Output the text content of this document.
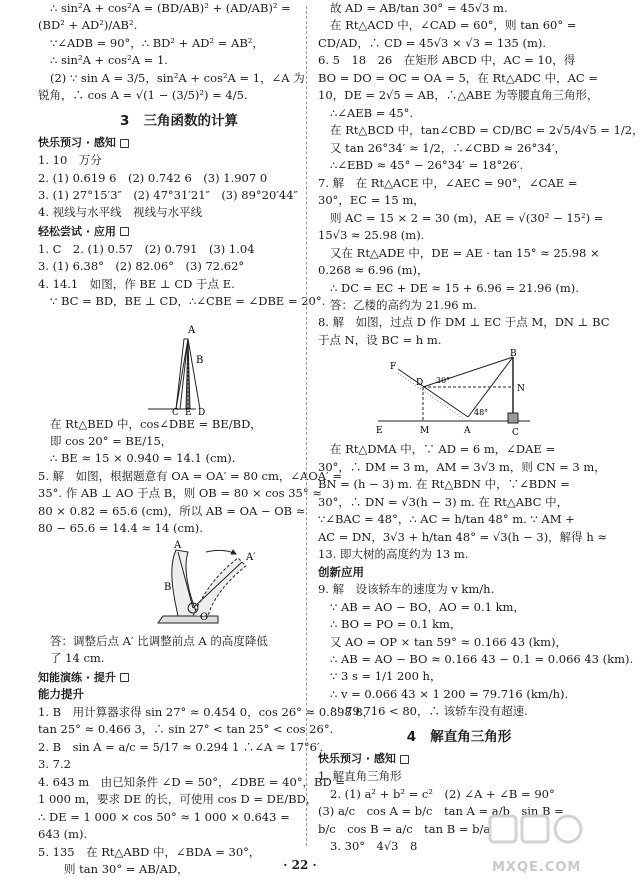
∴ sin²A + cos²A = (BD/AB)² + (AD/AB)² =
(BD² + AD²)/AB².
∵∠ADB = 90°，∴ BD² + AD² = AB²，
∴ sin²A + cos²A = 1.
(2) ∵ sin A = 3/5，sin²A + cos²A = 1，∠A 为
锐角，∴ cos A = √(1 − (3/5)²) = 4/5.
3 三角函数的计算
快乐预习 · 感知
1. 10　万分
2. (1) 0.619 6　(2) 0.742 6　(3) 1.907 0
3. (1) 27°15′3″　(2) 47°31′21″　(3) 89°20′44″
4. 视线与水平线　视线与水平线
轻松尝试 · 应用
1. C　2. (1) 0.57　(2) 0.791　(3) 1.04
3. (1) 6.38°　(2) 82.06°　(3) 72.62°
4. 14.1　如图，作 BE ⊥ CD 于点 E.
∵ BC = BD，BE ⊥ CD，∴∠CBE = ∠DBE = 20°.
A
B
C E D
在 Rt△BED 中，cos∠DBE = BE/BD，
即 cos 20° = BE/15，
∴ BE ≈ 15 × 0.940 = 14.1 (cm).
5. 解　如图，根据题意有 OA = OA′ = 80 cm，∠AOA′ =
35°. 作 AB ⊥ AO 于点 B，则 OB = 80 × cos 35° ≈
80 × 0.82 = 65.6 (cm)，所以 AB = OA − OB ≈
80 − 65.6 = 14.4 ≈ 14 (cm).
A
A′
B
O
答：调整后点 A′ 比调整前点 A 的高度降低
了 14 cm.
知能演练 · 提升
能力提升
1. B　用计算器求得 sin 27° ≈ 0.454 0，cos 26° ≈ 0.898 8，
tan 25° ≈ 0.466 3，∴ sin 27° < tan 25° < cos 26°.
2. B　sin A = a/c = 5/17 ≈ 0.294 1 ∴∠A ≈ 17°6′.
3. 7.2
4. 643 m　由已知条件 ∠D = 50°，∠DBE = 40°，BD =
1 000 m，要求 DE 的长，可使用 cos D = DE/BD，
∴ DE = 1 000 × cos 50° ≈ 1 000 × 0.643 =
643 (m).
5. 135　在 Rt△ABD 中，∠BDA = 30°，
则 tan 30° = AB/AD，
故 AD = AB/tan 30° = 45√3 m.
在 Rt△ACD 中，∠CAD = 60°，则 tan 60° =
CD/AD，∴ CD = 45√3 × √3 = 135 (m).
6. 5　18　26　在矩形 ABCD 中，AC = 10，得
BO = DO = OC = OA = 5，在 Rt△ADC 中，AC =
10，DE = 2√5 = AB，∴△ABE 为等腰直角三角形，
∴∠AEB = 45°.
在 Rt△BCD 中，tan∠CBD = CD/BC = 2√5/4√5 = 1/2，
又 tan 26°34′ ≈ 1/2，∴∠CBD ≈ 26°34′，
∴∠EBD ≈ 45° − 26°34′ = 18°26′.
7. 解　在 Rt△ACE 中，∠AEC = 90°，∠CAE =
30°，EC = 15 m，
则 AC = 15 × 2 = 30 (m)，AE = √(30² − 15²) =
15√3 ≈ 25.98 (m).
又在 Rt△ADE 中，DE = AE · tan 15° ≈ 25.98 ×
0.268 ≈ 6.96 (m)，
∴ DC = EC + DE ≈ 15 + 6.96 = 21.96 (m).
答：乙楼的高约为 21.96 m.
8. 解　如图，过点 D 作 DM ⊥ EC 于点 M，DN ⊥ BC
于点 N，设 BC = h m.
F
D 30°
48°
E	M	A	C
N
B
在 Rt△DMA 中，∵ AD = 6 m，∠DAE =
30°，∴ DM = 3 m，AM = 3√3 m，则 CN = 3 m，
BN = (h − 3) m. 在 Rt△BDN 中，∵∠BDN =
30°，∴ DN = √3(h − 3) m. 在 Rt△ABC 中，
∵∠BAC = 48°，∴ AC = h/tan 48° m. ∵ AM +
AC = DN，3√3 + h/tan 48° = √3(h − 3)，解得 h ≈
13. 即大树的高度约为 13 m.
创新应用
9. 解　设该轿车的速度为 v km/h.
∵ AB = AO − BO，AO = 0.1 km，
∴ BO = PO = 0.1 km，
又 AO = OP × tan 59° ≈ 0.166 43 (km)，
∴ AB = AO − BO ≈ 0.166 43 − 0.1 = 0.066 43 (km).
∵ 3 s = 1/1 200 h，
∴ v = 0.066 43 × 1 200 = 79.716 (km/h).
∵ 79.716 < 80，∴ 该轿车没有超速.
4 解直角三角形
快乐预习 · 感知
1. 解直角三角形
2. (1) a² + b² = c²　(2) ∠A + ∠B = 90°
(3) a/c　cos A = b/c　tan A = a/b　sin B =
b/c　cos B = a/c　tan B = b/a
3. 30°　4√3　8
· 22 ·	MXQE.COM
